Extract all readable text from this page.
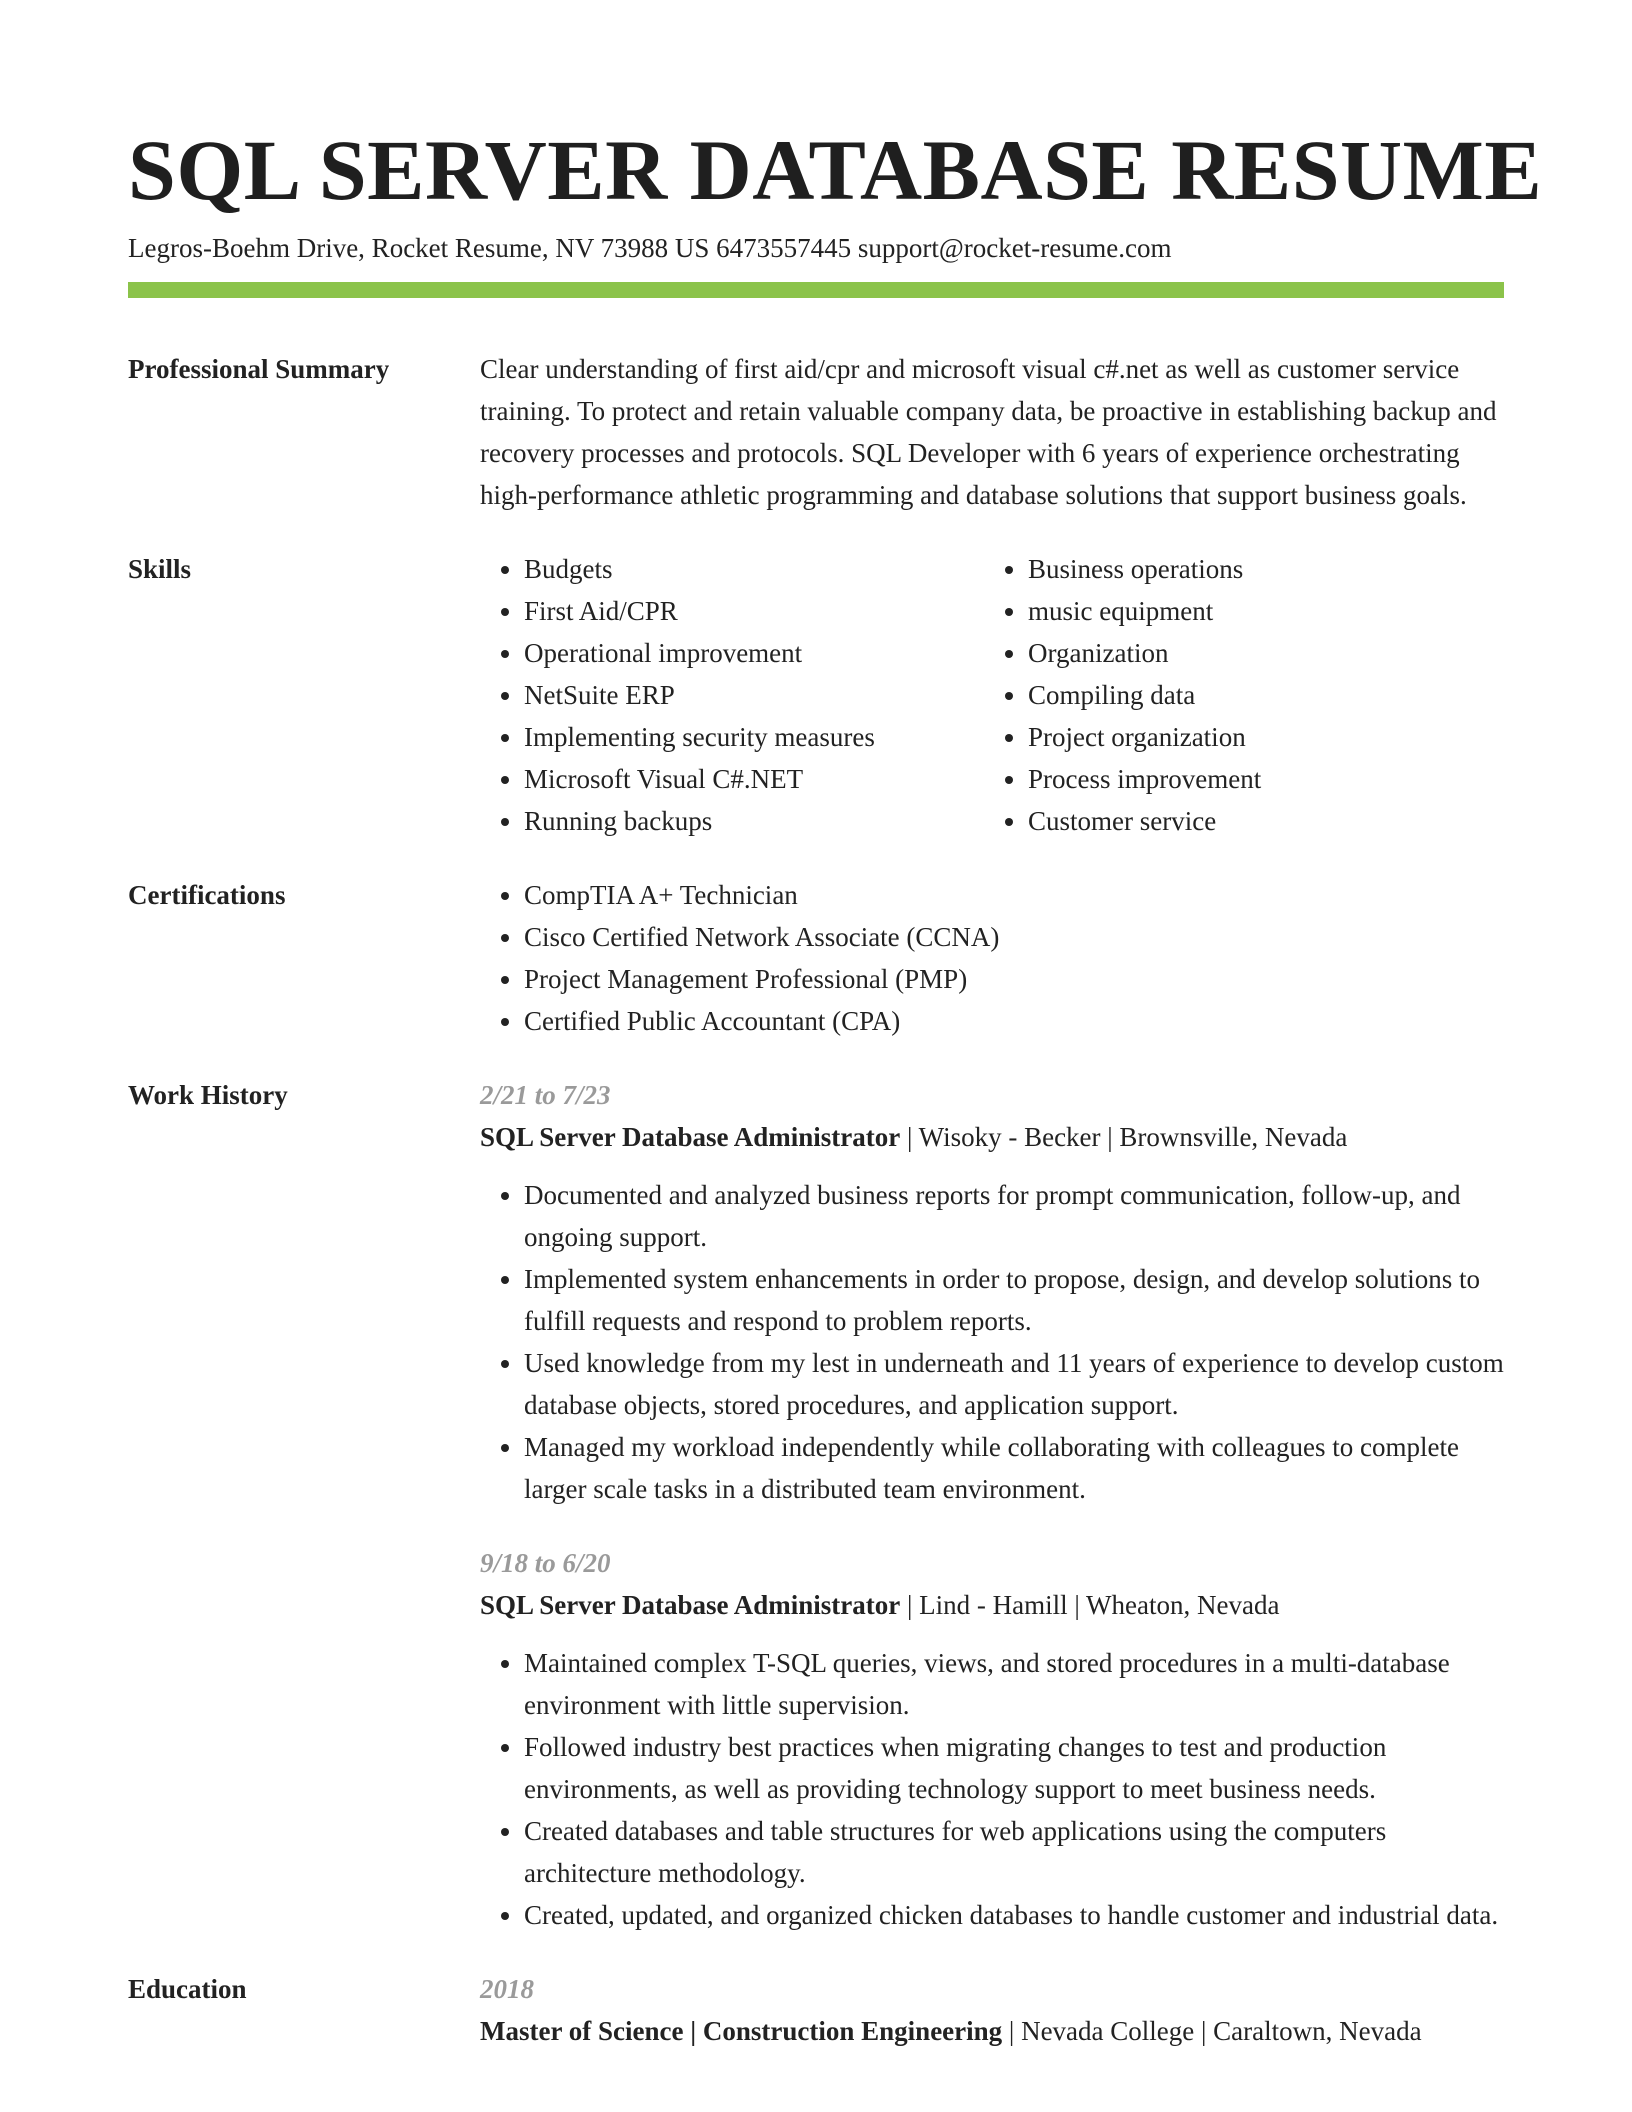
SQL SERVER DATABASE RESUME
Legros-Boehm Drive, Rocket Resume, NV 73988 US 6473557445 support@rocket-resume.com
Professional Summary	Clear understanding of first aid/cpr and microsoft visual c#.net as well as customer service training. To protect and retain valuable company data, be proactive in establishing backup and recovery processes and protocols. SQL Developer with 6 years of experience orchestrating high-performance athletic programming and database solutions that support business goals.
Skills	• Budgets
• First Aid/CPR
• Operational improvement
• NetSuite ERP
• Implementing security measures
• Microsoft Visual C#.NET
• Running backups
• Business operations
• music equipment
• Organization
• Compiling data
• Project organization
• Process improvement
• Customer service
Certifications	• CompTIA A+ Technician
• Cisco Certified Network Associate (CCNA)
• Project Management Professional (PMP)
• Certified Public Accountant (CPA)
Work History	2/21 to 7/23
SQL Server Database Administrator | Wisoky - Becker | Brownsville, Nevada
• Documented and analyzed business reports for prompt communication, follow-up, and ongoing support.
• Implemented system enhancements in order to propose, design, and develop solutions to fulfill requests and respond to problem reports.
• Used knowledge from my lest in underneath and 11 years of experience to develop custom database objects, stored procedures, and application support.
• Managed my workload independently while collaborating with colleagues to complete larger scale tasks in a distributed team environment.
9/18 to 6/20
SQL Server Database Administrator | Lind - Hamill | Wheaton, Nevada
• Maintained complex T-SQL queries, views, and stored procedures in a multi-database environment with little supervision.
• Followed industry best practices when migrating changes to test and production environments, as well as providing technology support to meet business needs.
• Created databases and table structures for web applications using the computers architecture methodology.
• Created, updated, and organized chicken databases to handle customer and industrial data.
Education	2018
Master of Science | Construction Engineering | Nevada College | Caraltown, Nevada
